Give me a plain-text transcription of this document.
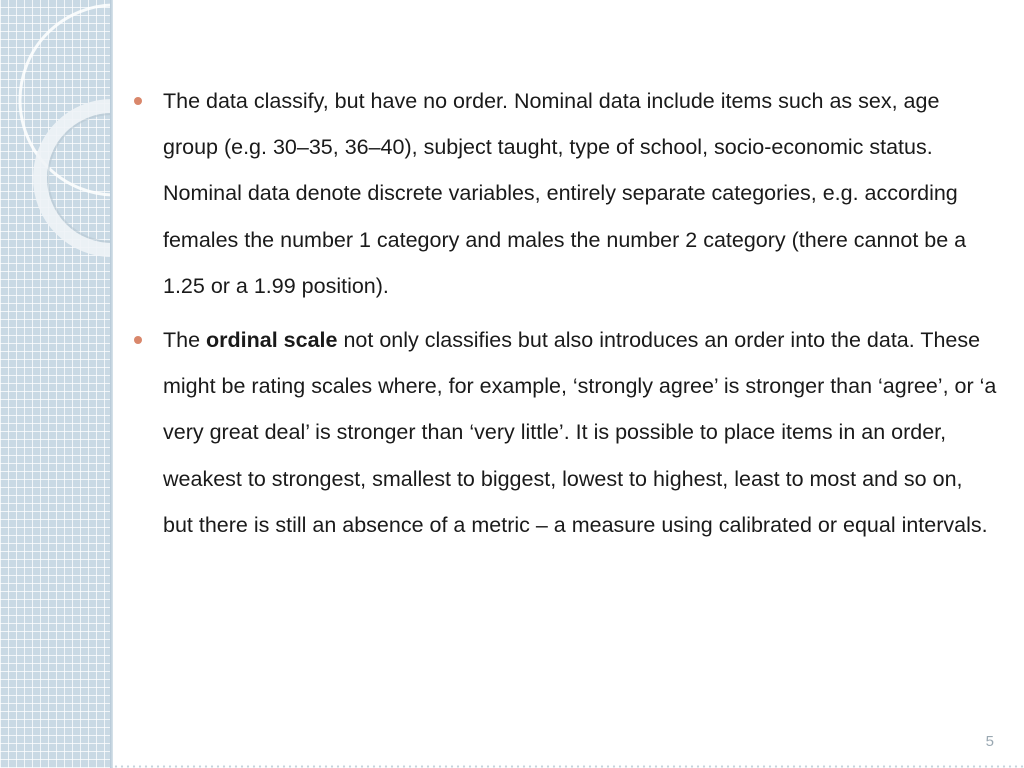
The data classify, but have no order. Nominal data include items such as sex, age group (e.g. 30–35, 36–40), subject taught, type of school, socio-economic status. Nominal data denote discrete variables, entirely separate categories, e.g. according females the number 1 category and males the number 2 category (there cannot be a 1.25 or a 1.99 position).
The ordinal scale not only classifies but also introduces an order into the data. These might be rating scales where, for example, ‘strongly agree’ is stronger than ‘agree’, or ‘a very great deal’ is stronger than ‘very little’. It is possible to place items in an order, weakest to strongest, smallest to biggest, lowest to highest, least to most and so on, but there is still an absence of a metric – a measure using calibrated or equal intervals.
5
